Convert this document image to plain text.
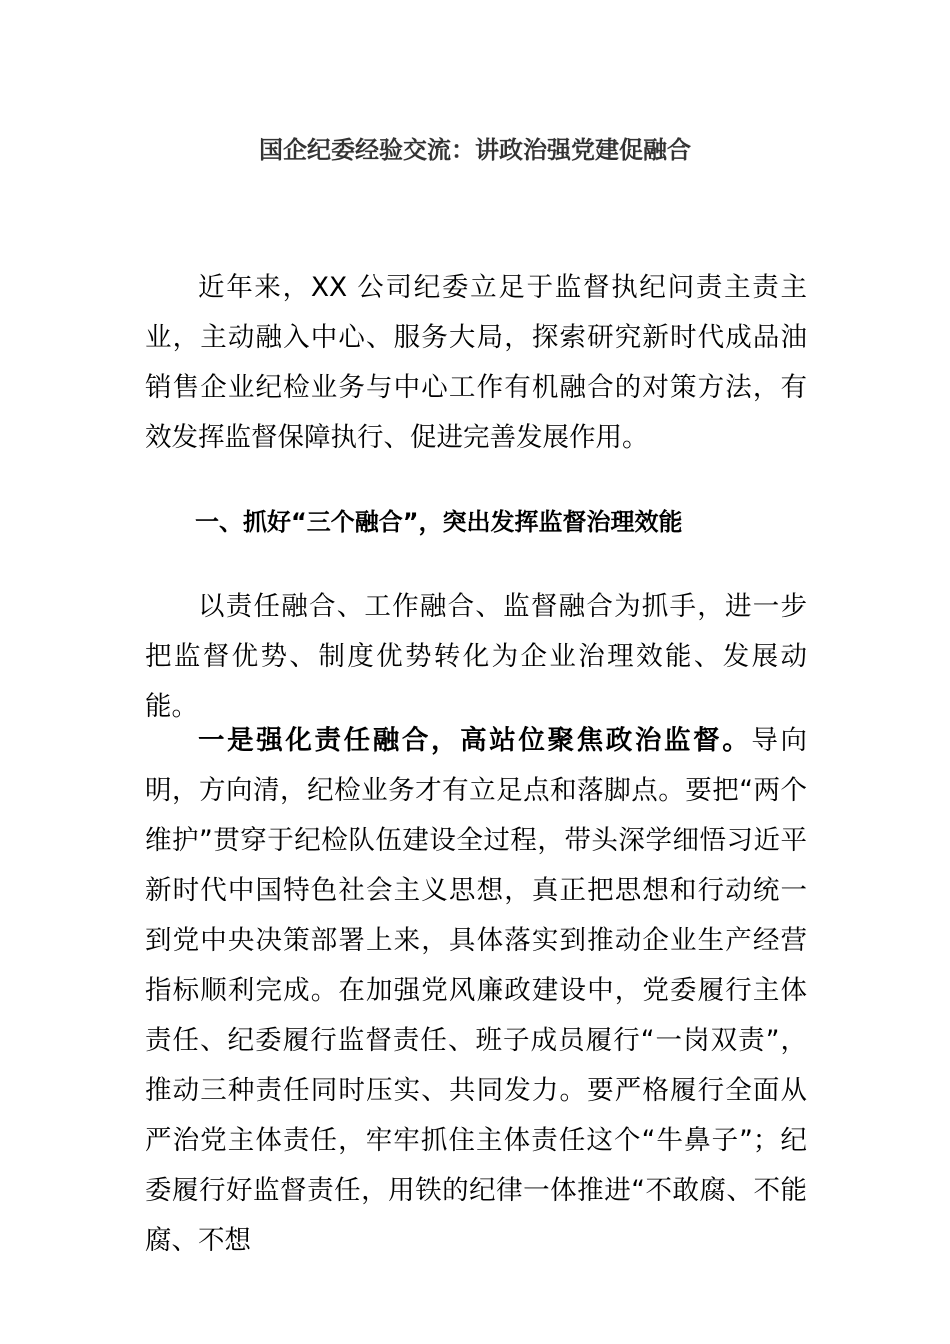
国企纪委经验交流：讲政治强党建促融合

近年来，XX 公司纪委立足于监督执纪问责主责主业，主动融入中心、服务大局，探索研究新时代成品油销售企业纪检业务与中心工作有机融合的对策方法，有效发挥监督保障执行、促进完善发展作用。

一、抓好“三个融合”，突出发挥监督治理效能

以责任融合、工作融合、监督融合为抓手，进一步把监督优势、制度优势转化为企业治理效能、发展动能。

一是强化责任融合，高站位聚焦政治监督。导向明，方向清，纪检业务才有立足点和落脚点。要把“两个维护”贯穿于纪检队伍建设全过程，带头深学细悟习近平新时代中国特色社会主义思想，真正把思想和行动统一到党中央决策部署上来，具体落实到推动企业生产经营指标顺利完成。在加强党风廉政建设中，党委履行主体责任、纪委履行监督责任、班子成员履行“一岗双责”，推动三种责任同时压实、共同发力。要严格履行全面从严治党主体责任，牢牢抓住主体责任这个“牛鼻子”；纪委履行好监督责任，用铁的纪律一体推进“不敢腐、不能腐、不想
